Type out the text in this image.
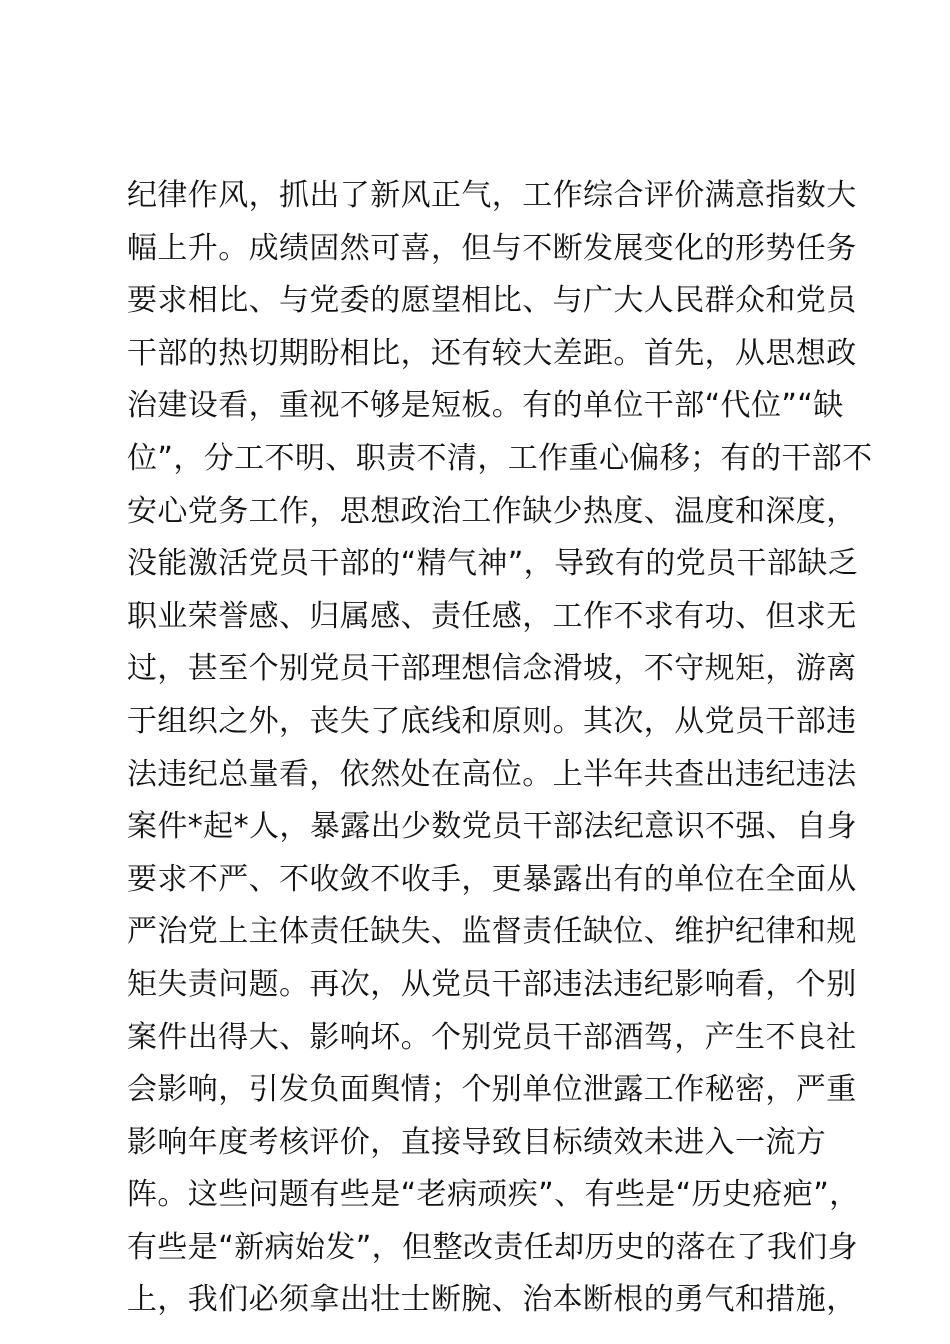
纪律作风，抓出了新风正气，工作综合评价满意指数大
幅上升。成绩固然可喜，但与不断发展变化的形势任务
要求相比、与党委的愿望相比、与广大人民群众和党员
干部的热切期盼相比，还有较大差距。首先，从思想政
治建设看，重视不够是短板。有的单位干部“代位”“缺
位”，分工不明、职责不清，工作重心偏移；有的干部不
安心党务工作，思想政治工作缺少热度、温度和深度，
没能激活党员干部的“精气神”，导致有的党员干部缺乏
职业荣誉感、归属感、责任感，工作不求有功、但求无
过，甚至个别党员干部理想信念滑坡，不守规矩，游离
于组织之外，丧失了底线和原则。其次，从党员干部违
法违纪总量看，依然处在高位。上半年共查出违纪违法
案件*起*人，暴露出少数党员干部法纪意识不强、自身
要求不严、不收敛不收手，更暴露出有的单位在全面从
严治党上主体责任缺失、监督责任缺位、维护纪律和规
矩失责问题。再次，从党员干部违法违纪影响看，个别
案件出得大、影响坏。个别党员干部酒驾，产生不良社
会影响，引发负面舆情；个别单位泄露工作秘密，严重
影响年度考核评价，直接导致目标绩效未进入一流方
阵。这些问题有些是“老病顽疾”、有些是“历史疮疤”，
有些是“新病始发”，但整改责任却历史的落在了我们身
上，我们必须拿出壮士断腕、治本断根的勇气和措施，
